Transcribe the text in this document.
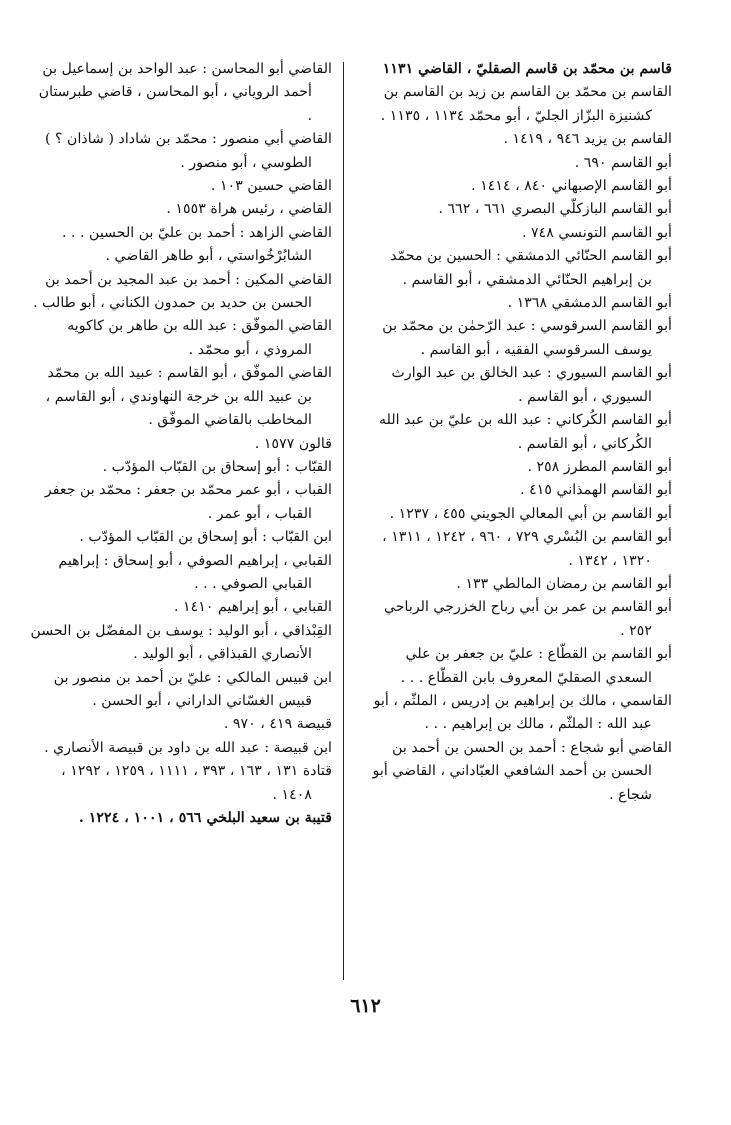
قاسم بن محمّد بن قاسم الصقليّ ، القاضي ١١٣١

القاسم بن محمّد بن القاسم بن زيد بن القاسم بن كشنيزة البزّاز الجليّ ، أبو محمّد ١١٣٤ ، ١١٣٥ .

القاسم بن يزيد ٩٤٦ ، ١٤١٩ .

أبو القاسم ٦٩٠ .

أبو القاسم الإصبهاني ٨٤٠ ، ١٤١٤ .

أبو القاسم البازكلّي البصري ٦٦١ ، ٦٦٢ .

أبو القاسم التونسي ٧٤٨ .

أبو القاسم الحنّائي الدمشقي : الحسين بن محمّد بن إبراهيم الحنّائي الدمشقي ، أبو القاسم .

أبو القاسم الدمشقي ١٣٦٨ .

أبو القاسم السرقوسي : عبد الرّحمٰن بن محمّد بن يوسف السرقوسي الفقيه ، أبو القاسم .

أبو القاسم السيوري : عبد الخالق بن عبد الوارث السيوري ، أبو القاسم .

أبو القاسم الكُركاني : عبد الله بن عليّ بن عبد الله الكُركاني ، أبو القاسم .

أبو القاسم المطرز ٢٥٨ .

أبو القاسم الهمذاني ٤١٥ .

أبو القاسم بن أبي المعالي الجويني ٤٥٥ ، ١٢٣٧ .

أبو القاسم بن البُسْري ٧٢٩ ، ٩٦٠ ، ١٢٤٢ ، ١٣١١ ، ١٣٢٠ ، ١٣٤٢ .

أبو القاسم بن رمضان المالطي ١٣٣ .

أبو القاسم بن عمر بن أبي رباح الخزرجي الرباحي ٢٥٢ .

أبو القاسم بن القطّاع : عليّ بن جعفر بن علي السعدي الصقليّ المعروف بابن القطّاع . . .

القاسمي ، مالك بن إبراهيم بن إدريس ، الملثّم ، أبو عبد الله : الملثّم ، مالك بن إبراهيم . . .

القاضي أبو شجاع : أحمد بن الحسن بن أحمد بن الحسن بن أحمد الشافعي العبّاداني ، القاضي أبو شجاع .

القاضي أبو المحاسن : عبد الواحد بن إسماعيل بن أحمد الروياني ، أبو المحاسن ، قاضي طبرستان .

القاضي أبي منصور : محمّد بن شاداد ( شاذان ؟ ) الطوسي ، أبو منصور .

القاضي حسين ١٠٣ .

القاضي ، رئيس هراة ١٥٥٣ .

القاضي الزاهد : أحمد بن عليّ بن الحسين . . . الشابُرْخُواستي ، أبو طاهر القاضي .

القاضي المكين : أحمد بن عبد المجيد بن أحمد بن الحسن بن حديد بن حمدون الكناني ، أبو طالب .

القاضي الموفّق : عبد الله بن طاهر بن كاكويه المروذي ، أبو محمّد .

القاضي الموفّق ، أبو القاسم : عبيد الله بن محمّد بن عبيد الله بن خرجة النهاوندي ، أبو القاسم ، المخاطب بالقاضي الموفّق .

قالون ١٥٧٧ .

القبّاب : أبو إسحاق بن القبّاب المؤدّب .

القباب ، أبو عمر محمّد بن جعفر : محمّد بن جعفر القباب ، أبو عمر .

ابن القبّاب : أبو إسحاق بن القبّاب المؤدّب .

القبابي ، إبراهيم الصوفي ، أبو إسحاق : إبراهيم القبابي الصوفي . . .

القبابي ، أبو إبراهيم ١٤١٠ .

القِبْذاقي ، أبو الوليد : يوسف بن المفضّل بن الحسن الأنصاري القبذاقي ، أبو الوليد .

ابن قبيس المالكي : عليّ بن أحمد بن منصور بن قبيس الغسّاني الداراني ، أبو الحسن .

قبيصة ٤١٩ ، ٩٧٠ .

ابن قبيصة : عبد الله بن داود بن قبيصة الأنصاري .

قتادة ١٣١ ، ١٦٣ ، ٣٩٣ ، ١١١١ ، ١٢٥٩ ، ١٢٩٢ ، ١٤٠٨ .

قتيبة بن سعيد البلخي ٥٦٦ ، ١٠٠١ ، ١٢٢٤ .

٦١٢
